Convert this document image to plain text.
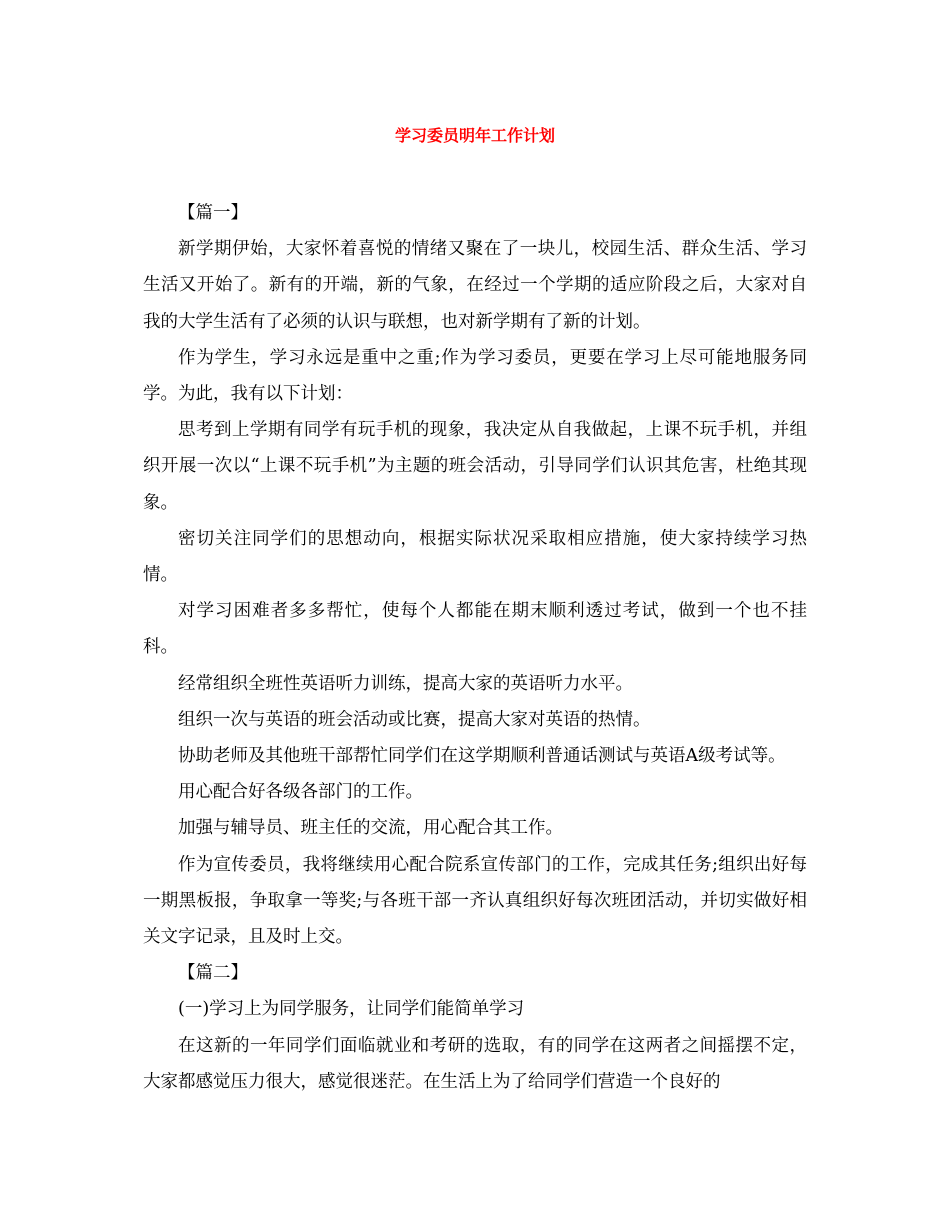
学习委员明年工作计划

【篇一】

新学期伊始，大家怀着喜悦的情绪又聚在了一块儿，校园生活、群众生活、学习生活又开始了。新有的开端，新的气象，在经过一个学期的适应阶段之后，大家对自我的大学生活有了必须的认识与联想，也对新学期有了新的计划。

作为学生，学习永远是重中之重;作为学习委员，更要在学习上尽可能地服务同学。为此，我有以下计划：

思考到上学期有同学有玩手机的现象，我决定从自我做起，上课不玩手机，并组织开展一次以“上课不玩手机”为主题的班会活动，引导同学们认识其危害，杜绝其现象。

密切关注同学们的思想动向，根据实际状况采取相应措施，使大家持续学习热情。

对学习困难者多多帮忙，使每个人都能在期末顺利透过考试，做到一个也不挂科。

经常组织全班性英语听力训练，提高大家的英语听力水平。

组织一次与英语的班会活动或比赛，提高大家对英语的热情。

协助老师及其他班干部帮忙同学们在这学期顺利普通话测试与英语A级考试等。

用心配合好各级各部门的工作。

加强与辅导员、班主任的交流，用心配合其工作。

作为宣传委员，我将继续用心配合院系宣传部门的工作，完成其任务;组织出好每一期黑板报，争取拿一等奖;与各班干部一齐认真组织好每次班团活动，并切实做好相关文字记录，且及时上交。

【篇二】

(一)学习上为同学服务，让同学们能简单学习

在这新的一年同学们面临就业和考研的选取，有的同学在这两者之间摇摆不定，大家都感觉压力很大，感觉很迷茫。在生活上为了给同学们营造一个良好的
